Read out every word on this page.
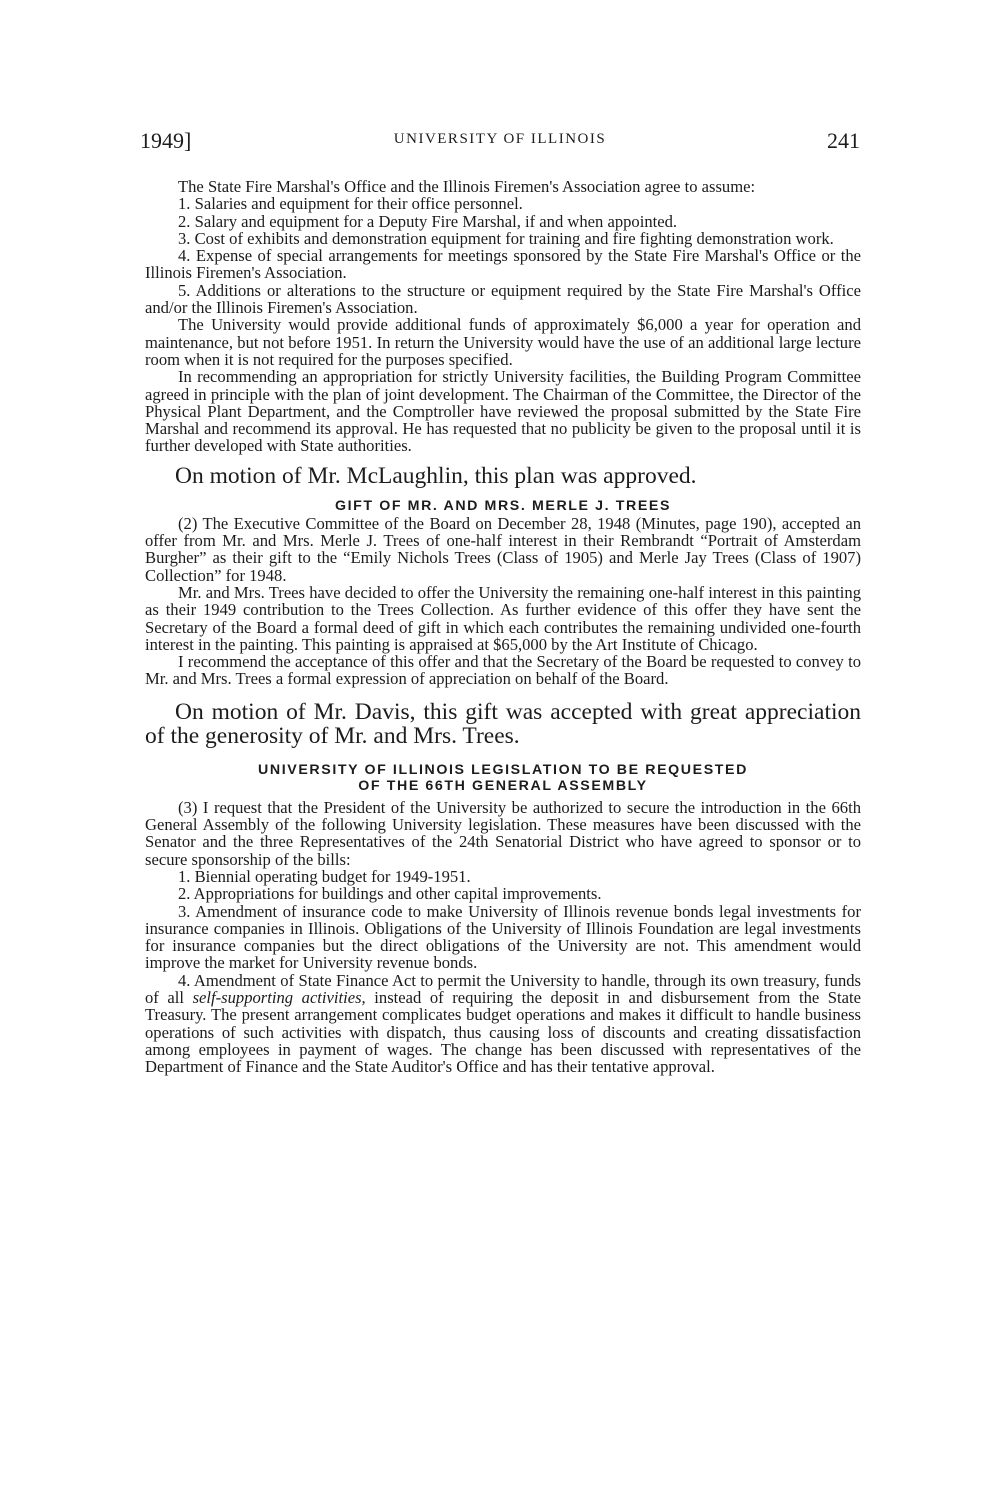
1949]	UNIVERSITY OF ILLINOIS	241

The State Fire Marshal's Office and the Illinois Firemen's Association agree to assume:

1. Salaries and equipment for their office personnel.

2. Salary and equipment for a Deputy Fire Marshal, if and when appointed.

3. Cost of exhibits and demonstration equipment for training and fire fighting demonstration work.

4. Expense of special arrangements for meetings sponsored by the State Fire Marshal's Office or the Illinois Firemen's Association.

5. Additions or alterations to the structure or equipment required by the State Fire Marshal's Office and/or the Illinois Firemen's Association.

The University would provide additional funds of approximately $6,000 a year for operation and maintenance, but not before 1951. In return the University would have the use of an additional large lecture room when it is not required for the purposes specified.

In recommending an appropriation for strictly University facilities, the Building Program Committee agreed in principle with the plan of joint development. The Chairman of the Committee, the Director of the Physical Plant Department, and the Comptroller have reviewed the proposal submitted by the State Fire Marshal and recommend its approval. He has requested that no publicity be given to the proposal until it is further developed with State authorities.

On motion of Mr. McLaughlin, this plan was approved.

GIFT OF MR. AND MRS. MERLE J. TREES

(2) The Executive Committee of the Board on December 28, 1948 (Minutes, page 190), accepted an offer from Mr. and Mrs. Merle J. Trees of one-half interest in their Rembrandt “Portrait of Amsterdam Burgher” as their gift to the “Emily Nichols Trees (Class of 1905) and Merle Jay Trees (Class of 1907) Collection” for 1948.

Mr. and Mrs. Trees have decided to offer the University the remaining one-half interest in this painting as their 1949 contribution to the Trees Collection. As further evidence of this offer they have sent the Secretary of the Board a formal deed of gift in which each contributes the remaining undivided one-fourth interest in the painting. This painting is appraised at $65,000 by the Art Institute of Chicago.

I recommend the acceptance of this offer and that the Secretary of the Board be requested to convey to Mr. and Mrs. Trees a formal expression of appreciation on behalf of the Board.

On motion of Mr. Davis, this gift was accepted with great appreciation of the generosity of Mr. and Mrs. Trees.

UNIVERSITY OF ILLINOIS LEGISLATION TO BE REQUESTED

OF THE 66TH GENERAL ASSEMBLY

(3) I request that the President of the University be authorized to secure the introduction in the 66th General Assembly of the following University legislation. These measures have been discussed with the Senator and the three Representatives of the 24th Senatorial District who have agreed to sponsor or to secure sponsorship of the bills:

1. Biennial operating budget for 1949-1951.

2. Appropriations for buildings and other capital improvements.

3. Amendment of insurance code to make University of Illinois revenue bonds legal investments for insurance companies in Illinois. Obligations of the University of Illinois Foundation are legal investments for insurance companies but the direct obligations of the University are not. This amendment would improve the market for University revenue bonds.

4. Amendment of State Finance Act to permit the University to handle, through its own treasury, funds of all self-supporting activities, instead of requiring the deposit in and disbursement from the State Treasury. The present arrangement complicates budget operations and makes it difficult to handle business operations of such activities with dispatch, thus causing loss of discounts and creating dissatisfaction among employees in payment of wages. The change has been discussed with representatives of the Department of Finance and the State Auditor's Office and has their tentative approval.
